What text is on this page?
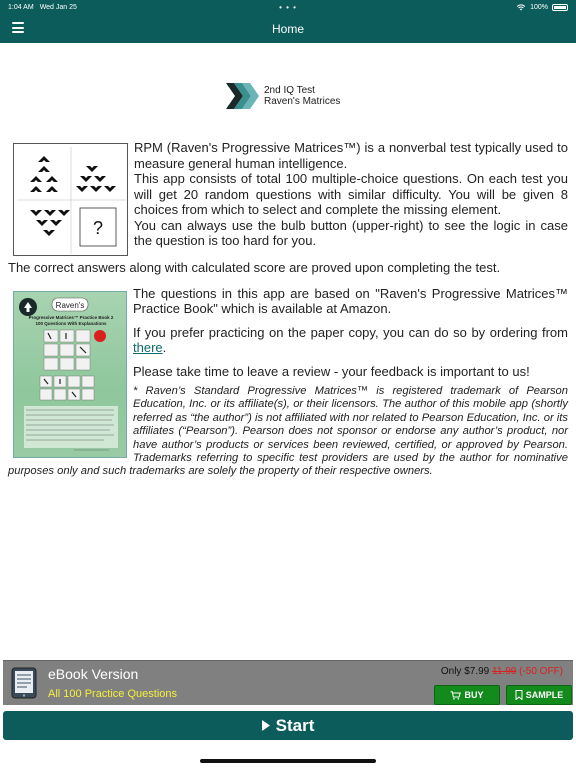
1:04 AM Wed Jan 25	• • •	100%
Home
2nd IQ Test
Raven's Matrices
?

RPM (Raven's Progressive Matrices™) is a nonverbal test typically used to measure general human intelligence.

This app consists of total 100 multiple-choice questions. On each test you will get 20 random questions with similar difficulty. You will be given 8 choices from which to select and complete the missing element.

You can always use the bulb button (upper-right) to see the logic in case the question is too hard for you.

The correct answers along with calculated score are proved upon completing the test.

Raven's
Progressive Matrices™ Practice Book 2
100 Questions With Explanations

The questions in this app are based on "Raven's Progressive Matrices™ Practice Book" which is available at Amazon.

If you prefer practicing on the paper copy, you can do so by ordering from there.

Please take time to leave a review - your feedback is important to us!

* Raven’s Standard Progressive Matrices™ is registered trademark of Pearson Education, Inc. or its affiliate(s), or their licensors. The author of this mobile app (shortly referred as “the author”) is not affiliated with nor related to Pearson Education, Inc. or its affiliates (“Pearson”). Pearson does not sponsor or endorse any author’s product, nor have author’s products or services been reviewed, certified, or approved by Pearson. Trademarks referring to specific test providers are used by the author for nominative purposes only and such trademarks are solely the property of their respective owners.

eBook Version
All 100 Practice Questions
Only $7.99 11.99 (-50 OFF)
BUY	SAMPLE
Start
